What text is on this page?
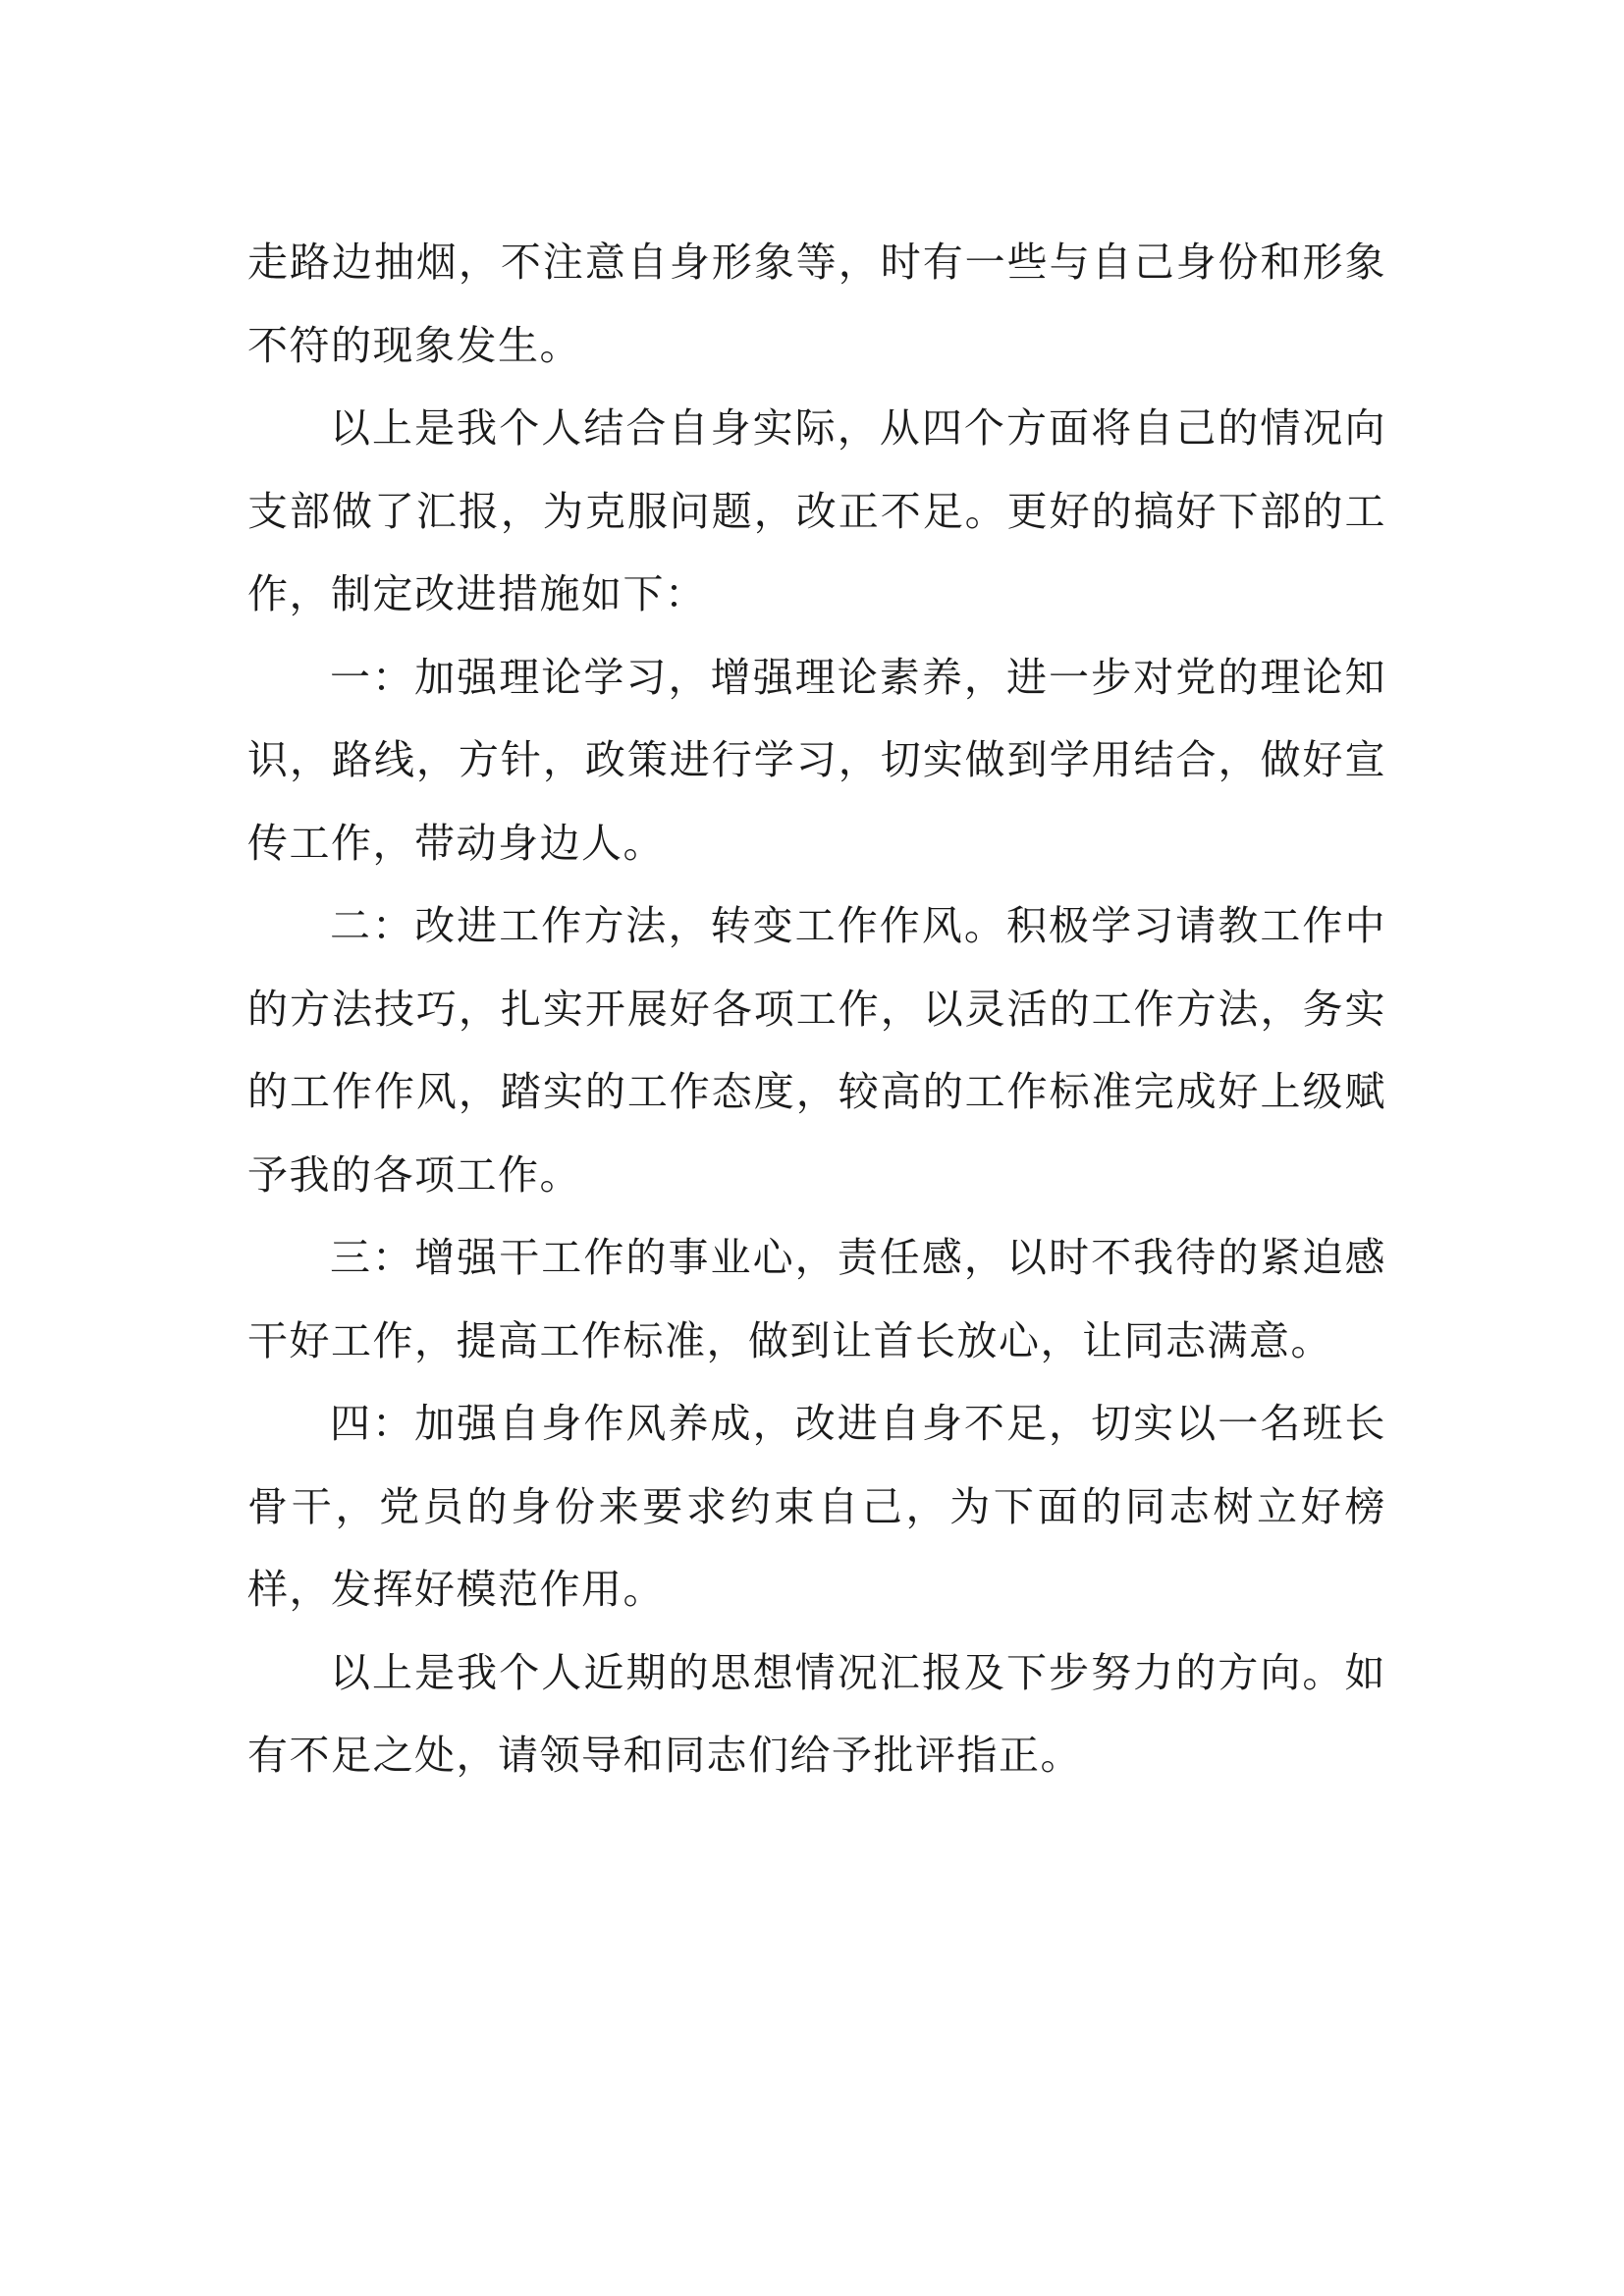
走路边抽烟，不注意自身形象等，时有一些与自己身份和形象不符的现象发生。

以上是我个人结合自身实际，从四个方面将自己的情况向支部做了汇报，为克服问题，改正不足。更好的搞好下部的工作，制定改进措施如下：

一：加强理论学习，增强理论素养，进一步对党的理论知识，路线，方针，政策进行学习，切实做到学用结合，做好宣传工作，带动身边人。

二：改进工作方法，转变工作作风。积极学习请教工作中的方法技巧，扎实开展好各项工作，以灵活的工作方法，务实的工作作风，踏实的工作态度，较高的工作标准完成好上级赋予我的各项工作。

三：增强干工作的事业心，责任感，以时不我待的紧迫感干好工作，提高工作标准，做到让首长放心，让同志满意。

四：加强自身作风养成，改进自身不足，切实以一名班长骨干，党员的身份来要求约束自己，为下面的同志树立好榜样，发挥好模范作用。

以上是我个人近期的思想情况汇报及下步努力的方向。如有不足之处，请领导和同志们给予批评指正。
